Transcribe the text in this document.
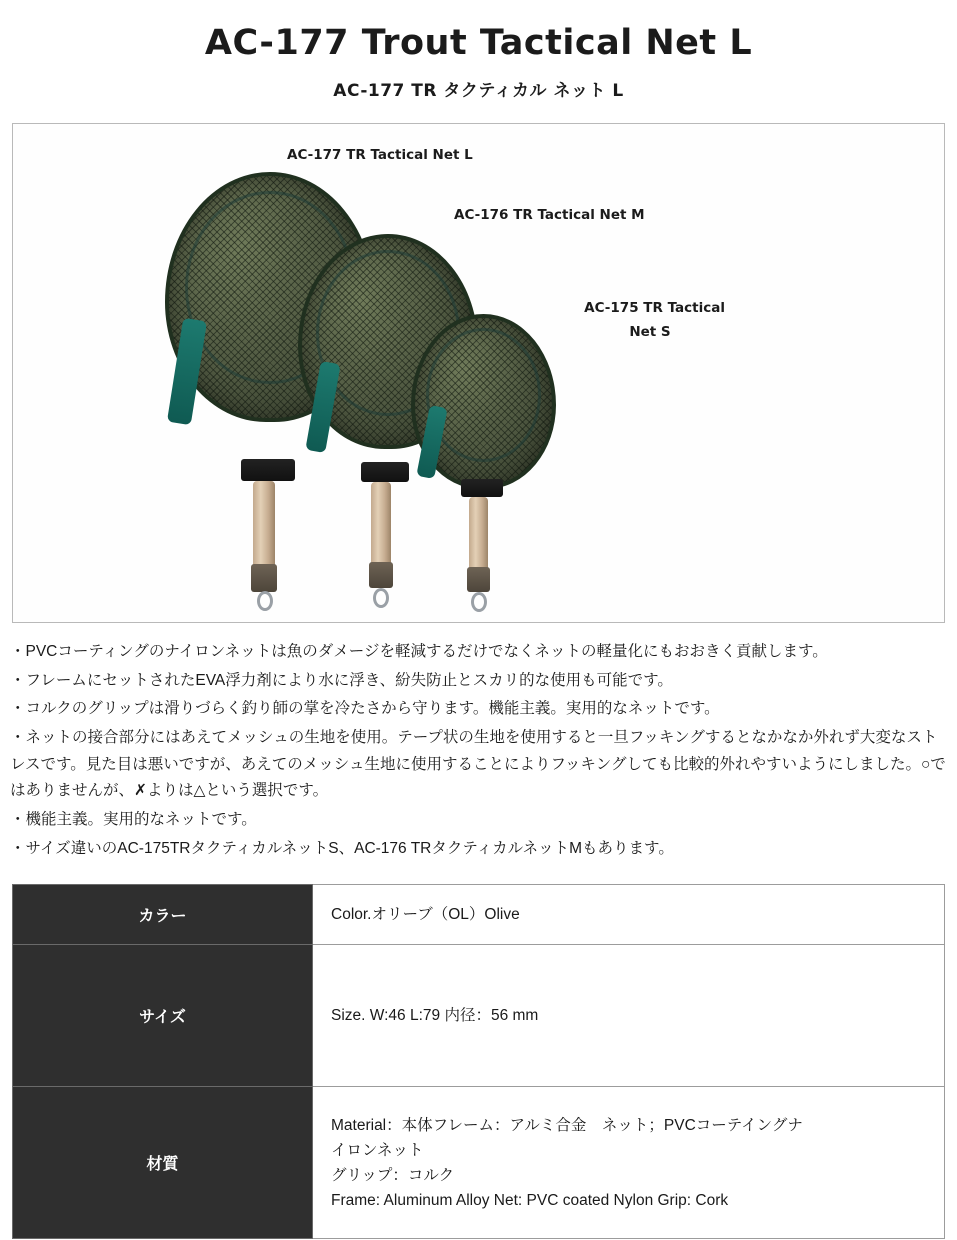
AC-177 Trout Tactical Net L

AC-177 TR タクティカル ネット L

AC-177 TR Tactical Net L
AC-176 TR Tactical Net M
AC-175 TR Tactical
Net S

・PVCコーティングのナイロンネットは魚のダメージを軽減するだけでなくネットの軽量化にもおおきく貢献します。

・フレームにセットされたEVA浮力剤により水に浮き、紛失防止とスカリ的な使用も可能です。

・コルクのグリップは滑りづらく釣り師の掌を冷たさから守ります。機能主義。実用的なネットです。

・ネットの接合部分にはあえてメッシュの生地を使用。テープ状の生地を使用すると一旦フッキングするとなかなか外れず大変なストレスです。見た目は悪いですが、あえてのメッシュ生地に使用することによりフッキングしても比較的外れやすいようにしました。○ではありませんが、✗よりは△という選択です。

・機能主義。実用的なネットです。

・サイズ違いのAC-175TRタクティカルネットS、AC-176 TRタクティカルネットMもあります。

カラー	Color.オリーブ（OL）Olive

サイズ	Size. W:46 L:79 内径：56 mm

材質	Material：本体フレーム：アルミ合金　ネット；PVCコーテイングナ
イロンネット
グリップ：コルク
Frame: Aluminum Alloy Net: PVC coated Nylon Grip: Cork
